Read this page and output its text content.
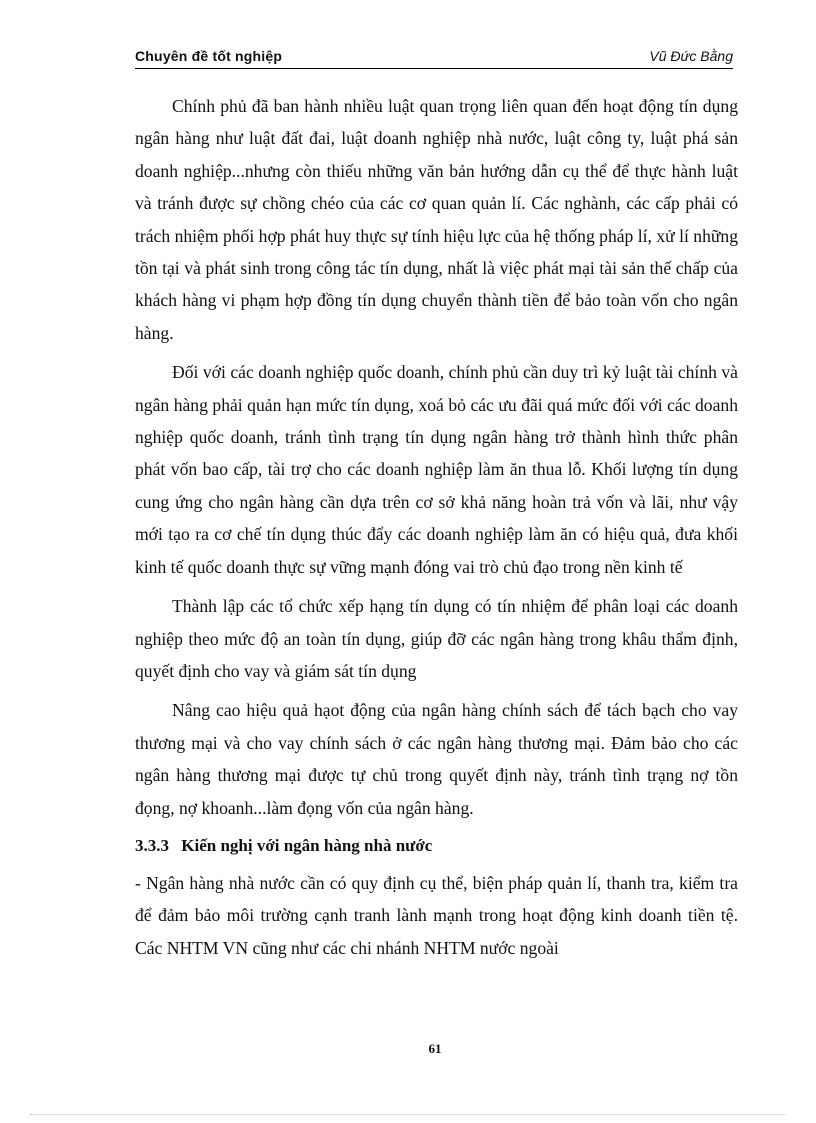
Chuyên đề tốt nghiệp	Vũ Đức Bằng

Chính phủ đã ban hành nhiều luật quan trọng liên quan đến hoạt động tín dụng ngân hàng như luật đất đai, luật doanh nghiệp nhà nước, luật công ty, luật phá sản doanh nghiệp...nhưng còn thiếu những văn bản hướng dẫn cụ thể để thực hành luật và tránh được sự chồng chéo của các cơ quan quản lí. Các nghành, các cấp phải có trách nhiệm phối hợp phát huy thực sự tính hiệu lực của hệ thống pháp lí, xử lí những tồn tại và phát sinh trong công tác tín dụng, nhất là việc phát mại tài sản thế chấp của khách hàng vi phạm hợp đồng tín dụng chuyển thành tiền để bảo toàn vốn cho ngân hàng.

Đối với các doanh nghiệp quốc doanh, chính phủ cần duy trì kỷ luật tài chính và ngân hàng phải quản hạn mức tín dụng, xoá bỏ các ưu đãi quá mức đối với các doanh nghiệp quốc doanh, tránh tình trạng tín dụng ngân hàng trở thành hình thức phân phát vốn bao cấp, tài trợ cho các doanh nghiệp làm ăn thua lỗ. Khối lượng tín dụng cung ứng cho ngân hàng cần dựa trên cơ sở khả năng hoàn trả vốn và lãi, như vậy mới tạo ra cơ chế tín dụng thúc đẩy các doanh nghiệp làm ăn có hiệu quả, đưa khối kinh tế quốc doanh thực sự vững mạnh đóng vai trò chủ đạo trong nền kinh tế

Thành lập các tổ chức xếp hạng tín dụng có tín nhiệm để phân loại các doanh nghiệp theo mức độ an toàn tín dụng, giúp đỡ các ngân hàng trong khâu thẩm định, quyết định cho vay và giám sát tín dụng

Nâng cao hiệu quả hạot động của ngân hàng chính sách để tách bạch cho vay thương mại và cho vay chính sách ở các ngân hàng thương mại. Đảm bảo cho các ngân hàng thương mại được tự chủ trong quyết định này, tránh tình trạng nợ tồn đọng, nợ khoanh...làm đọng vốn của ngân hàng.

3.3.3 Kiến nghị với ngân hàng nhà nước

- Ngân hàng nhà nước cần có quy định cụ thể, biện pháp quản lí, thanh tra, kiểm tra để đảm bảo môi trường cạnh tranh lành mạnh trong hoạt động kinh doanh tiền tệ. Các NHTM VN cũng như các chi nhánh NHTM nước ngoài

61
